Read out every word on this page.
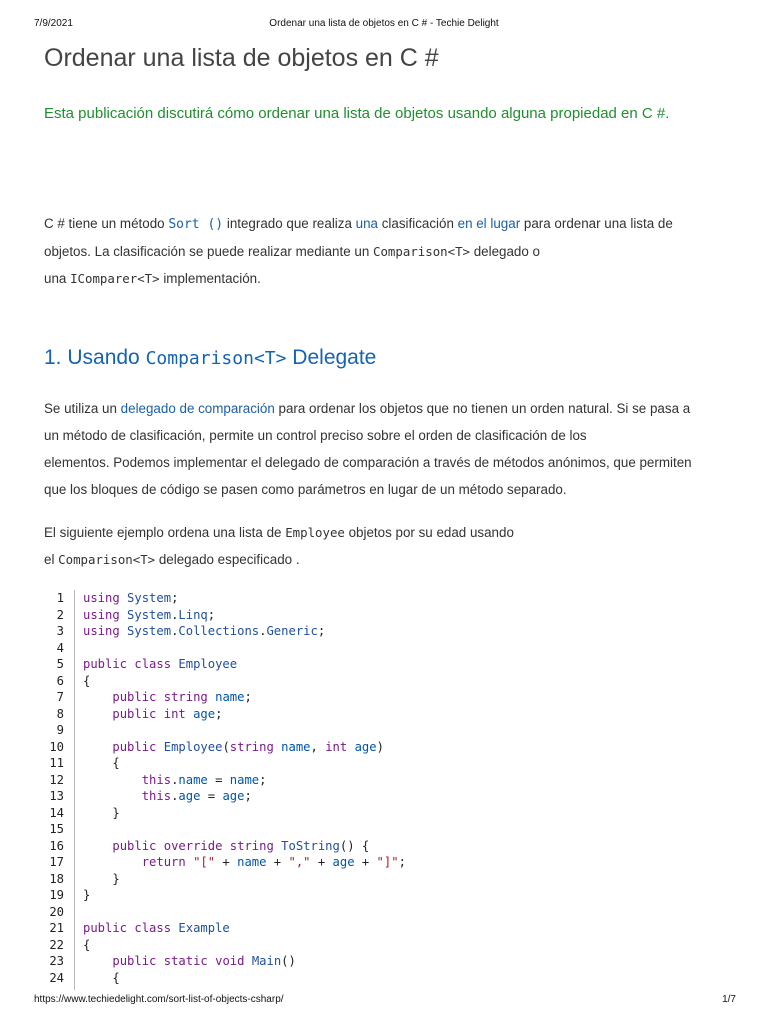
7/9/2021	Ordenar una lista de objetos en C # - Techie Delight
Ordenar una lista de objetos en C #

Esta publicación discutirá cómo ordenar una lista de objetos usando alguna propiedad en C #.

C # tiene un método Sort () integrado que realiza una clasificación en el lugar para ordenar una lista de
objetos. La clasificación se puede realizar mediante un Comparison<T> delegado o
una IComparer<T> implementación.

1. Usando Comparison<T> Delegate

Se utiliza un delegado de comparación para ordenar los objetos que no tienen un orden natural. Si se pasa a
un método de clasificación, permite un control preciso sobre el orden de clasificación de los
elementos. Podemos implementar el delegado de comparación a través de métodos anónimos, que permiten
que los bloques de código se pasen como parámetros en lugar de un método separado.

El siguiente ejemplo ordena una lista de Employee objetos por su edad usando
el Comparison<T> delegado especificado .

1
2
3
4
5
6
7
8
9
10
11
12
13
14
15
16
17
18
19
20
21
22
23
24
using System;
using System.Linq;
using System.Collections.Generic;

public class Employee
{
public string name;
public int age;

public Employee(string name, int age)
{
this.name = name;
this.age = age;
}

public override string ToString() {
return "[" + name + "," + age + "]";
}
}

public class Example
{
public static void Main()
{
https://www.techiedelight.com/sort-list-of-objects-csharp/	1/7
